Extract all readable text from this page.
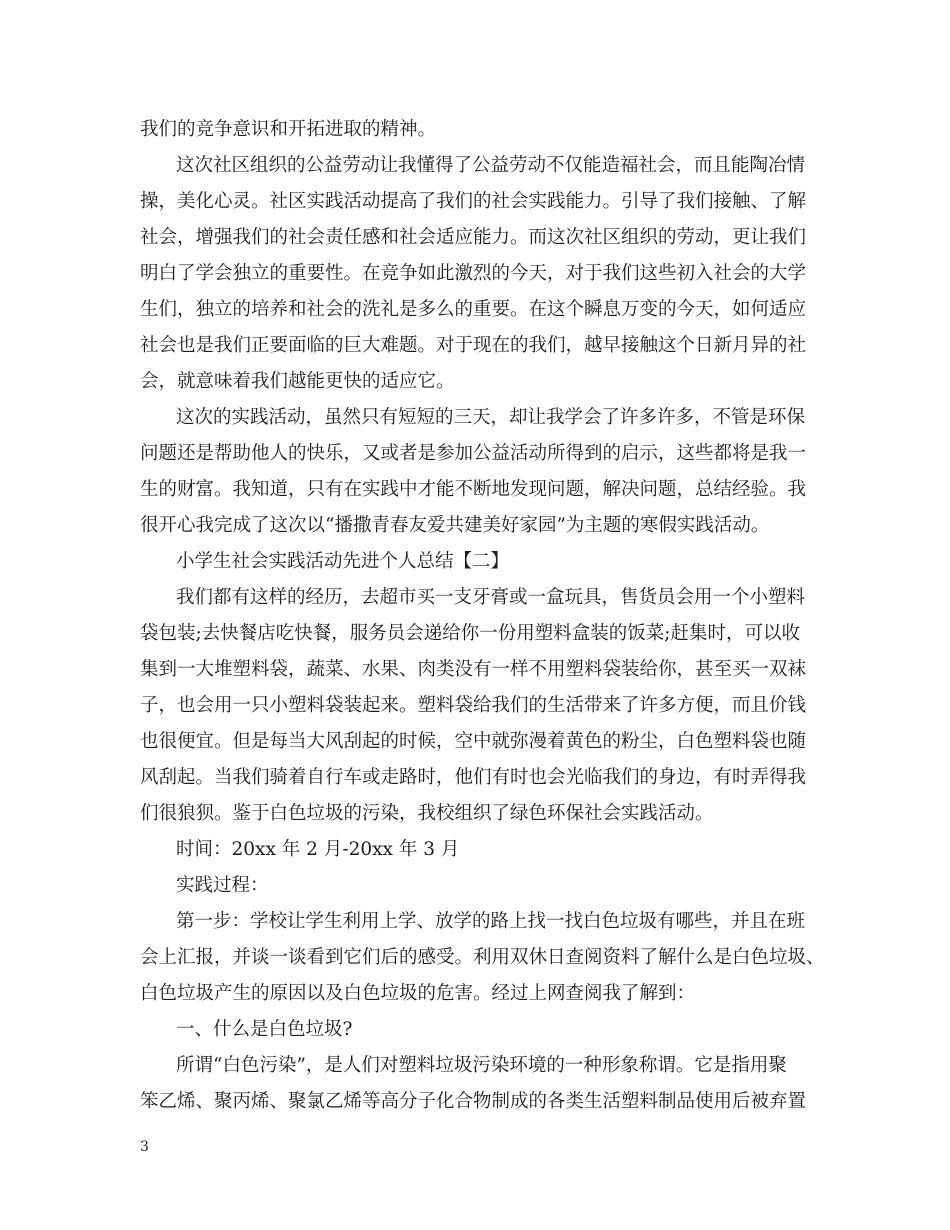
我们的竞争意识和开拓进取的精神。
这次社区组织的公益劳动让我懂得了公益劳动不仅能造福社会，而且能陶冶情
操，美化心灵。社区实践活动提高了我们的社会实践能力。引导了我们接触、了解
社会，增强我们的社会责任感和社会适应能力。而这次社区组织的劳动，更让我们
明白了学会独立的重要性。在竞争如此激烈的今天，对于我们这些初入社会的大学
生们，独立的培养和社会的洗礼是多么的重要。在这个瞬息万变的今天，如何适应
社会也是我们正要面临的巨大难题。对于现在的我们，越早接触这个日新月异的社
会，就意味着我们越能更快的适应它。
这次的实践活动，虽然只有短短的三天，却让我学会了许多许多，不管是环保
问题还是帮助他人的快乐，又或者是参加公益活动所得到的启示，这些都将是我一
生的财富。我知道，只有在实践中才能不断地发现问题，解决问题，总结经验。我
很开心我完成了这次以“播撒青春友爱共建美好家园”为主题的寒假实践活动。
小学生社会实践活动先进个人总结【二】
我们都有这样的经历，去超市买一支牙膏或一盒玩具，售货员会用一个小塑料
袋包装;去快餐店吃快餐，服务员会递给你一份用塑料盒装的饭菜;赶集时，可以收
集到一大堆塑料袋，蔬菜、水果、肉类没有一样不用塑料袋装给你，甚至买一双袜
子，也会用一只小塑料袋装起来。塑料袋给我们的生活带来了许多方便，而且价钱
也很便宜。但是每当大风刮起的时候，空中就弥漫着黄色的粉尘，白色塑料袋也随
风刮起。当我们骑着自行车或走路时，他们有时也会光临我们的身边，有时弄得我
们很狼狈。鉴于白色垃圾的污染，我校组织了绿色环保社会实践活动。
时间：20xx 年 2 月-20xx 年 3 月
实践过程：
第一步：学校让学生利用上学、放学的路上找一找白色垃圾有哪些，并且在班
会上汇报，并谈一谈看到它们后的感受。利用双休日查阅资料了解什么是白色垃圾、
白色垃圾产生的原因以及白色垃圾的危害。经过上网查阅我了解到：
一、什么是白色垃圾?
所谓“白色污染”，是人们对塑料垃圾污染环境的一种形象称谓。它是指用聚
笨乙烯、聚丙烯、聚氯乙烯等高分子化合物制成的各类生活塑料制品使用后被弃置
3
